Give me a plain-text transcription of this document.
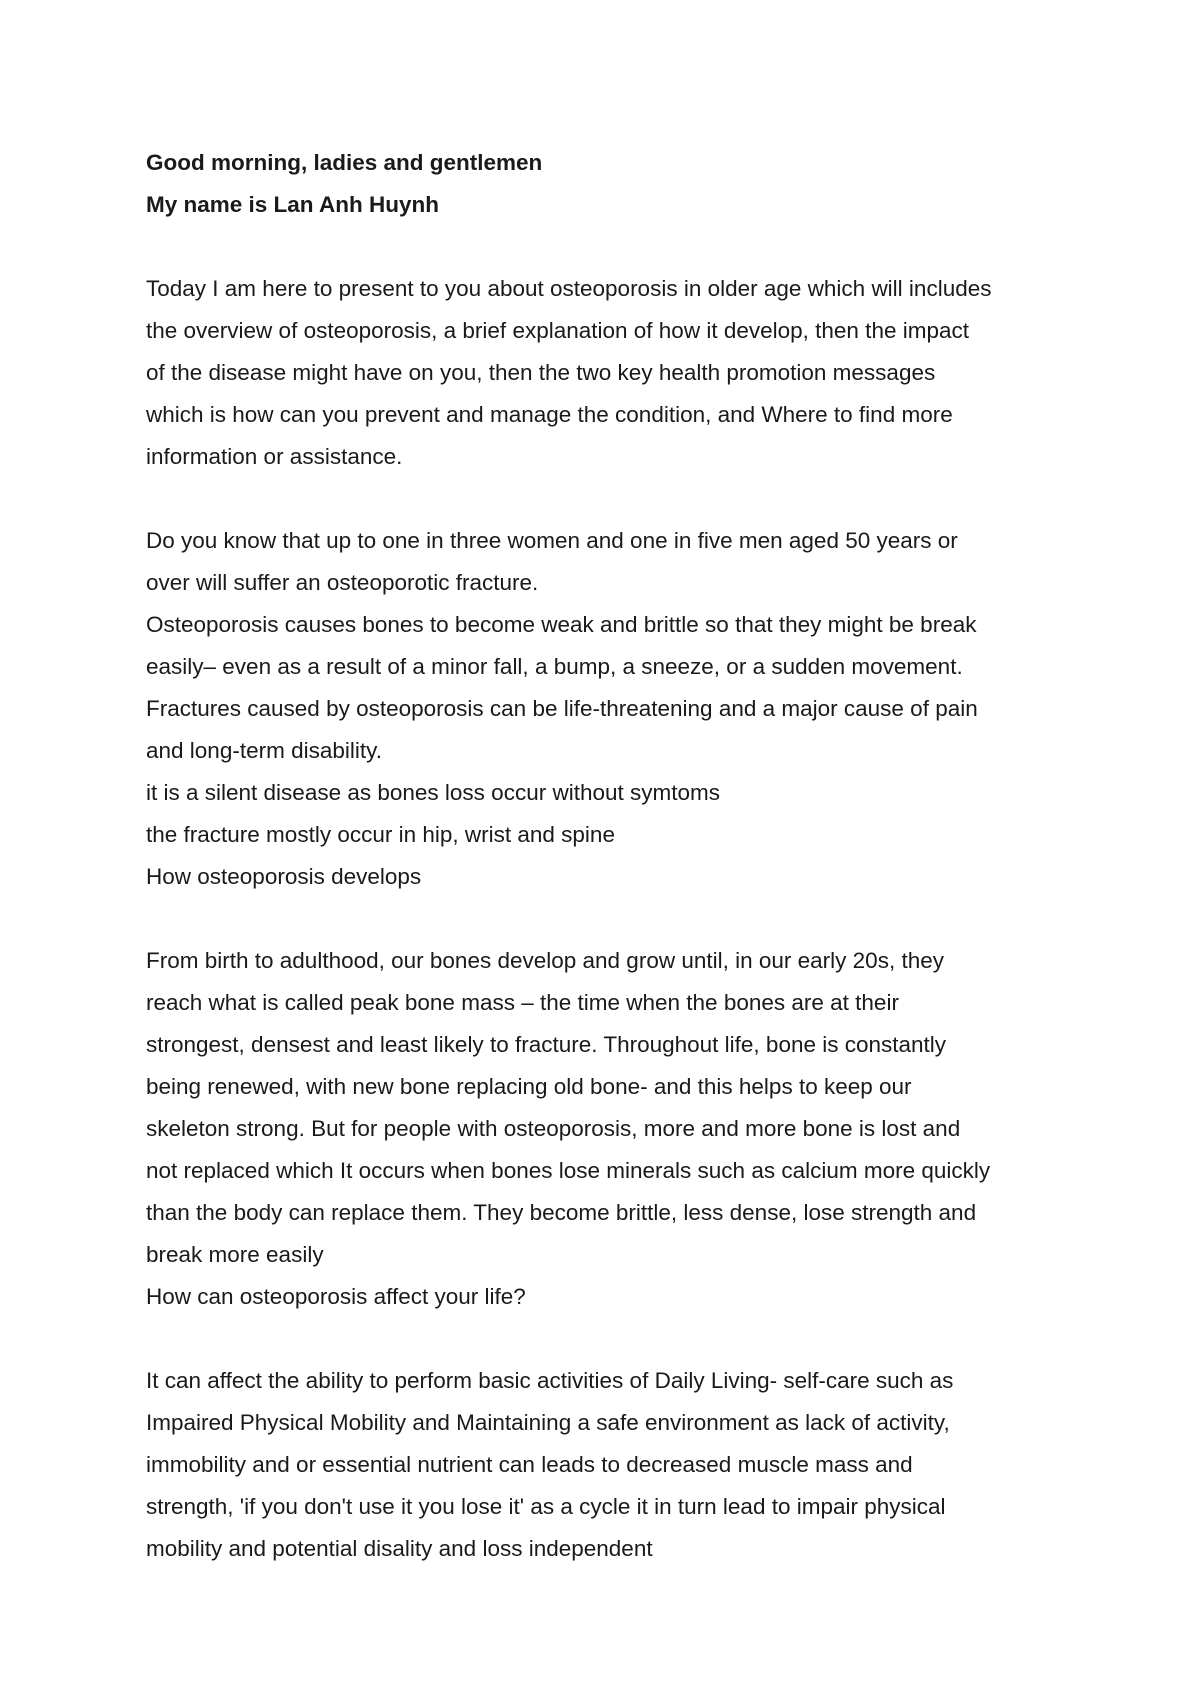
Good morning, ladies and gentlemen
My name is Lan Anh Huynh
Today I am here to present to you about osteoporosis in older age which will includes
the overview of osteoporosis, a brief explanation of how it develop, then the impact
of the disease might have on you, then the two key health promotion messages
which is how can you prevent and manage the condition, and Where to find more
information or assistance.
Do you know that up to one in three women and one in five men aged 50 years or
over will suffer an osteoporotic fracture.
Osteoporosis causes bones to become weak and brittle so that they might be break
easily– even as a result of a minor fall, a bump, a sneeze, or a sudden movement.
Fractures caused by osteoporosis can be life-threatening and a major cause of pain
and long-term disability.
it is a silent disease as bones loss occur without symtoms
the fracture mostly occur in hip, wrist and spine
How osteoporosis develops
From birth to adulthood, our bones develop and grow until, in our early 20s, they
reach what is called peak bone mass – the time when the bones are at their
strongest, densest and least likely to fracture. Throughout life, bone is constantly
being renewed, with new bone replacing old bone- and this helps to keep our
skeleton strong. But for people with osteoporosis, more and more bone is lost and
not replaced which It occurs when bones lose minerals such as calcium more quickly
than the body can replace them. They become brittle, less dense, lose strength and
break more easily
How can osteoporosis affect your life?
It can affect the ability to perform basic activities of Daily Living- self-care such as
Impaired Physical Mobility and Maintaining a safe environment as lack of activity,
immobility and or essential nutrient can leads to decreased muscle mass and
strength, 'if you don't use it you lose it' as a cycle it in turn lead to impair physical
mobility and potential disality and loss independent
